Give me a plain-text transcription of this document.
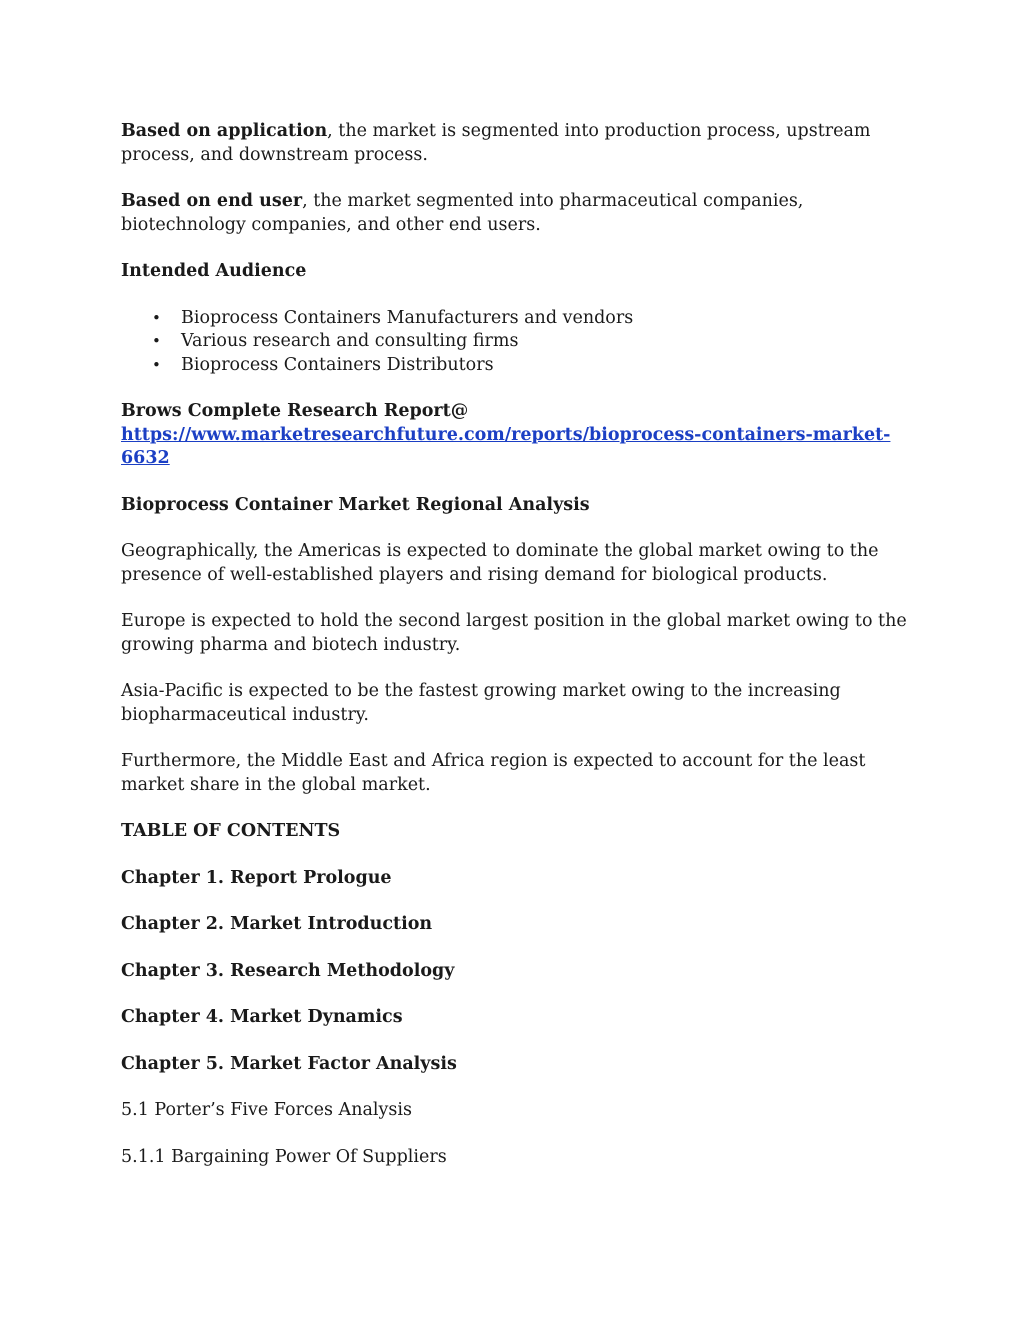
Based on application, the market is segmented into production process, upstream process, and downstream process.

Based on end user, the market segmented into pharmaceutical companies, biotechnology companies, and other end users.

Intended Audience

• Bioprocess Containers Manufacturers and vendors
• Various research and consulting firms
• Bioprocess Containers Distributors

Brows Complete Research Report@

https://www.marketresearchfuture.com/reports/bioprocess-containers-market-6632

Bioprocess Container Market Regional Analysis

Geographically, the Americas is expected to dominate the global market owing to the presence of well-established players and rising demand for biological products.

Europe is expected to hold the second largest position in the global market owing to the growing pharma and biotech industry.

Asia-Pacific is expected to be the fastest growing market owing to the increasing biopharmaceutical industry.

Furthermore, the Middle East and Africa region is expected to account for the least market share in the global market.

TABLE OF CONTENTS

Chapter 1. Report Prologue

Chapter 2. Market Introduction

Chapter 3. Research Methodology

Chapter 4. Market Dynamics

Chapter 5. Market Factor Analysis

5.1 Porter’s Five Forces Analysis

5.1.1 Bargaining Power Of Suppliers
